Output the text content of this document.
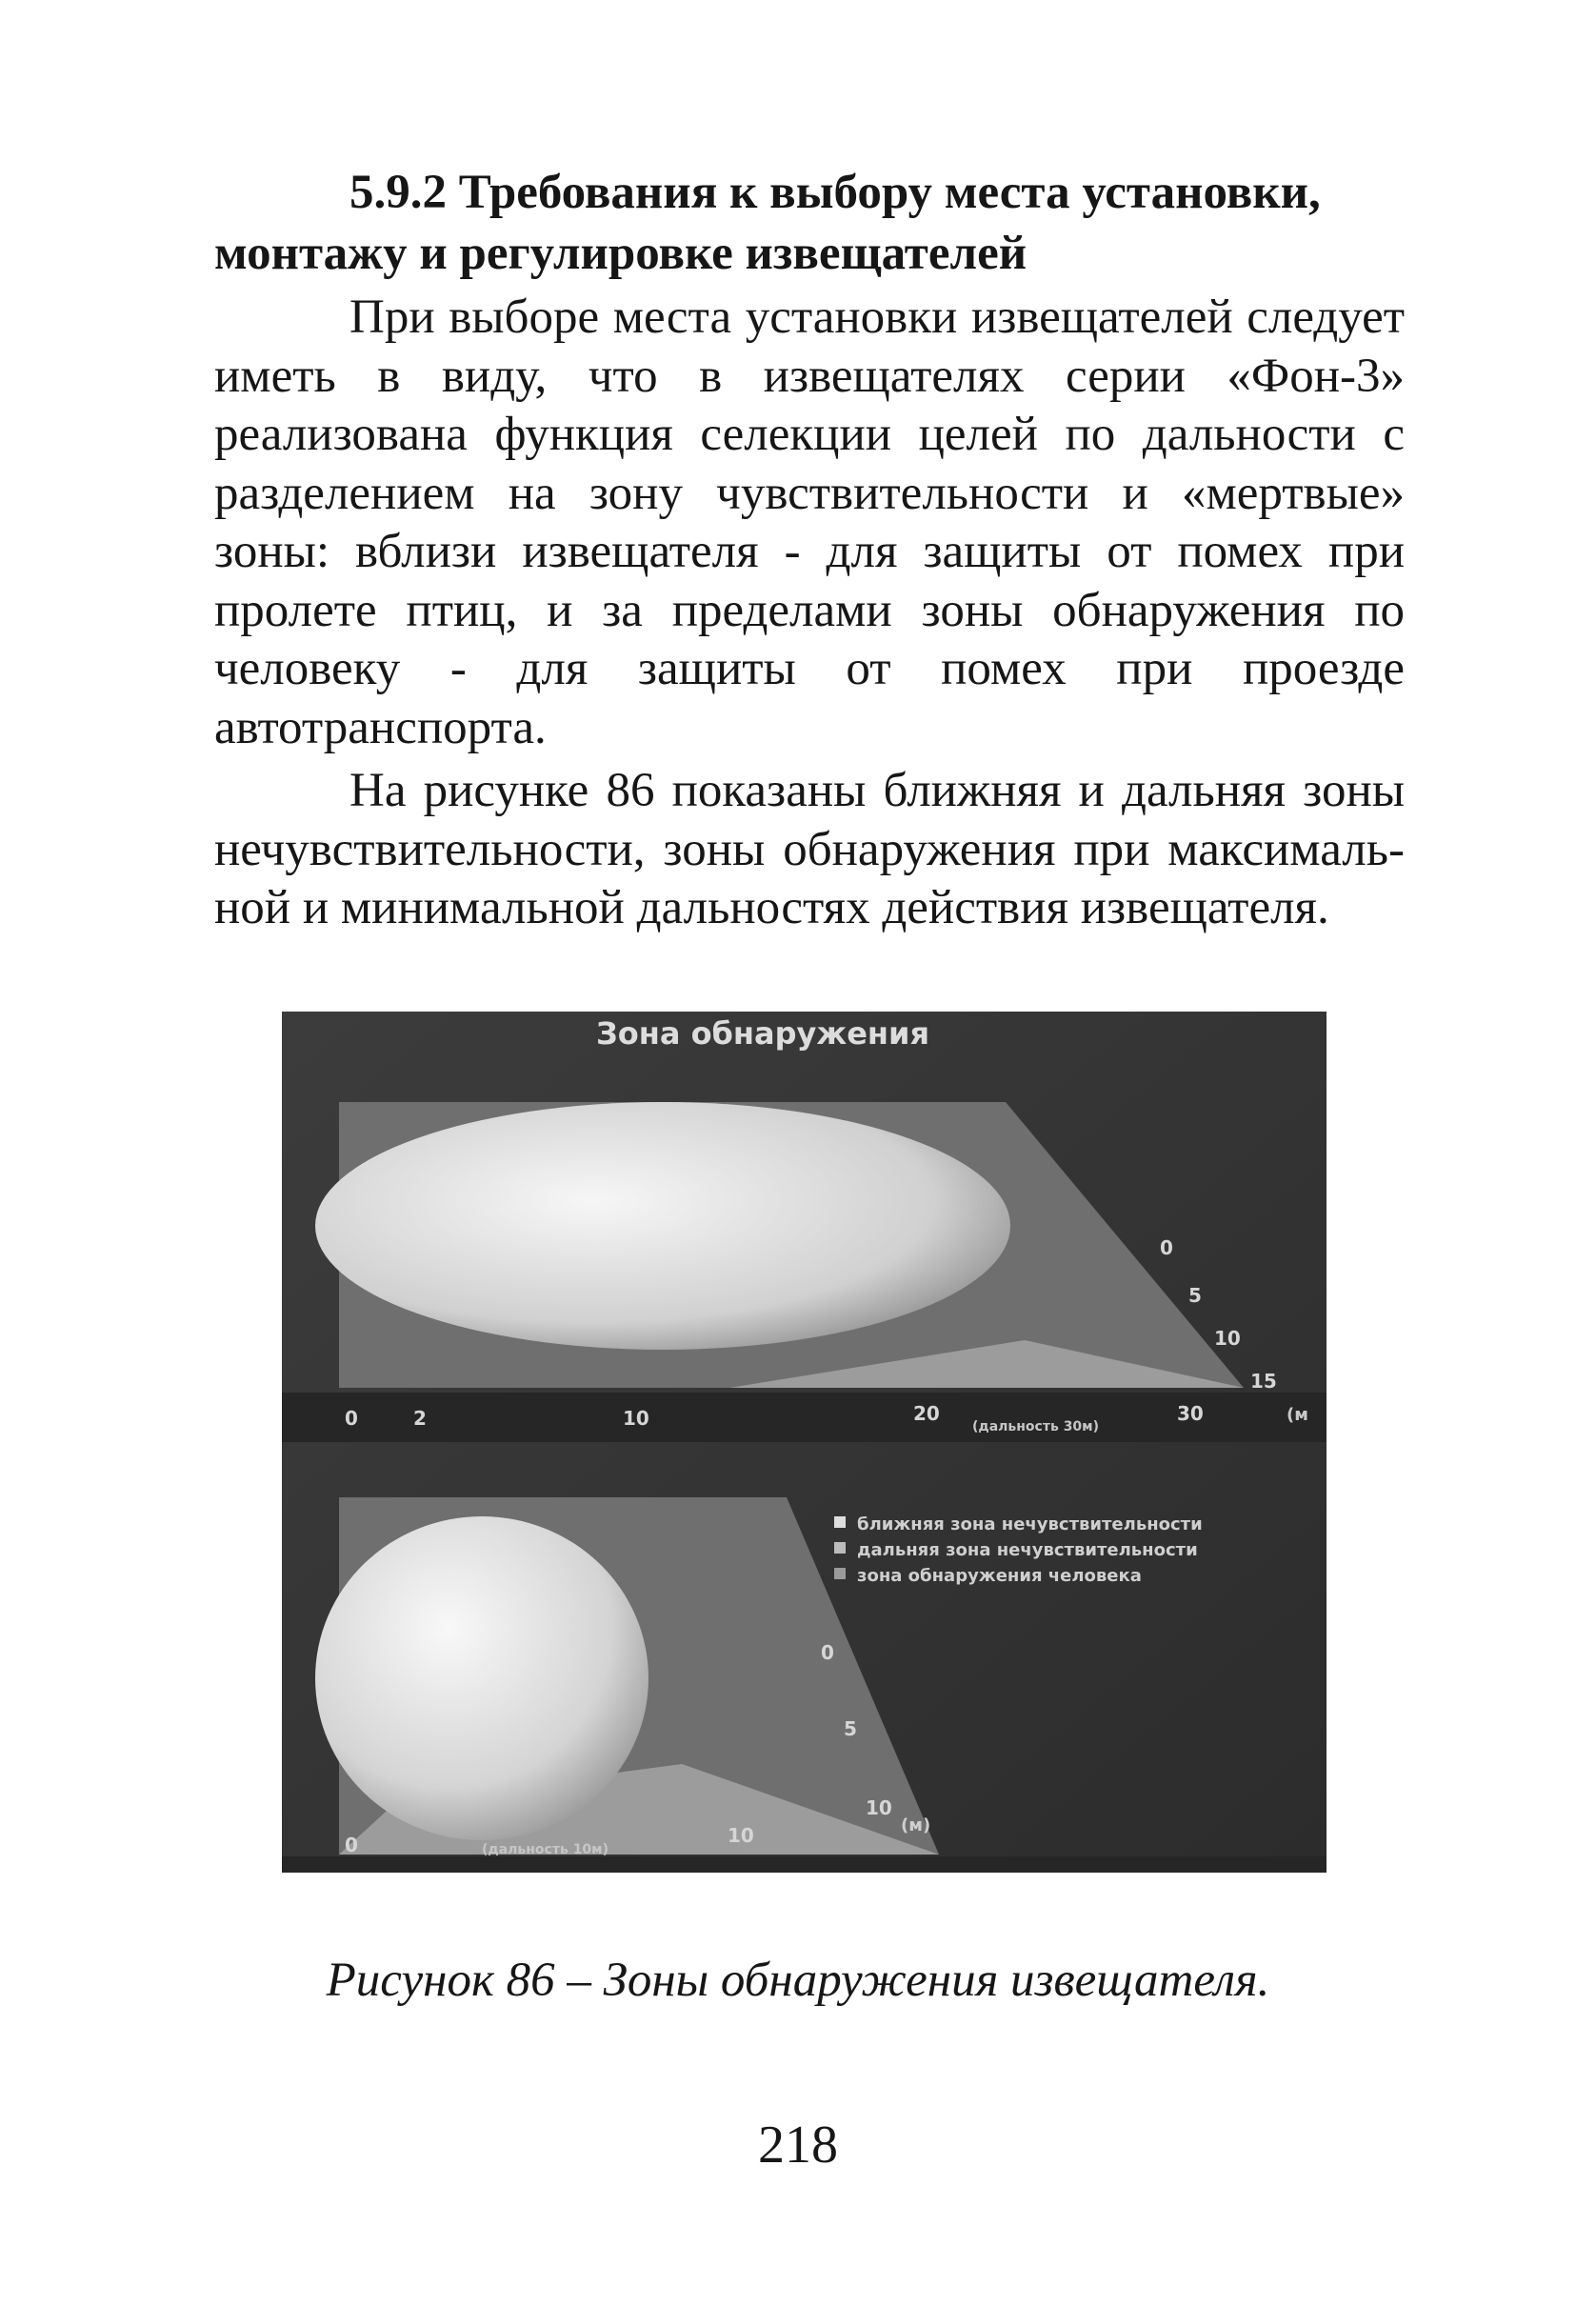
5.9.2 Требования к выбору места установки,
монтажу и регулировке извещателей

При выборе места установки извещателей следует иметь в виду, что в извещателях серии «Фон-3» реализована функция селекции целей по дальности с разделением на зону чувствительности и «мертвые» зоны: вблизи извещателя - для защиты от помех при пролете птиц, и за пределами зоны обнаружения по человеку - для защиты от помех при проезде автотранспорта.

На рисунке 86 показаны ближняя и дальняя зоны нечувствительности, зоны обнаружения при максималь-ной и минимальной дальностях действия извещателя.

Зона обнаружения
0	2	10	20
(дальность 30м)
30	(м
0
5
10
15
ближняя зона нечувствительности
дальняя зона нечувствительности
зона обнаружения человека
0
5
10
(м)
0	(дальность 10м)
10

Рисунок 86 – Зоны обнаружения извещателя.

218
